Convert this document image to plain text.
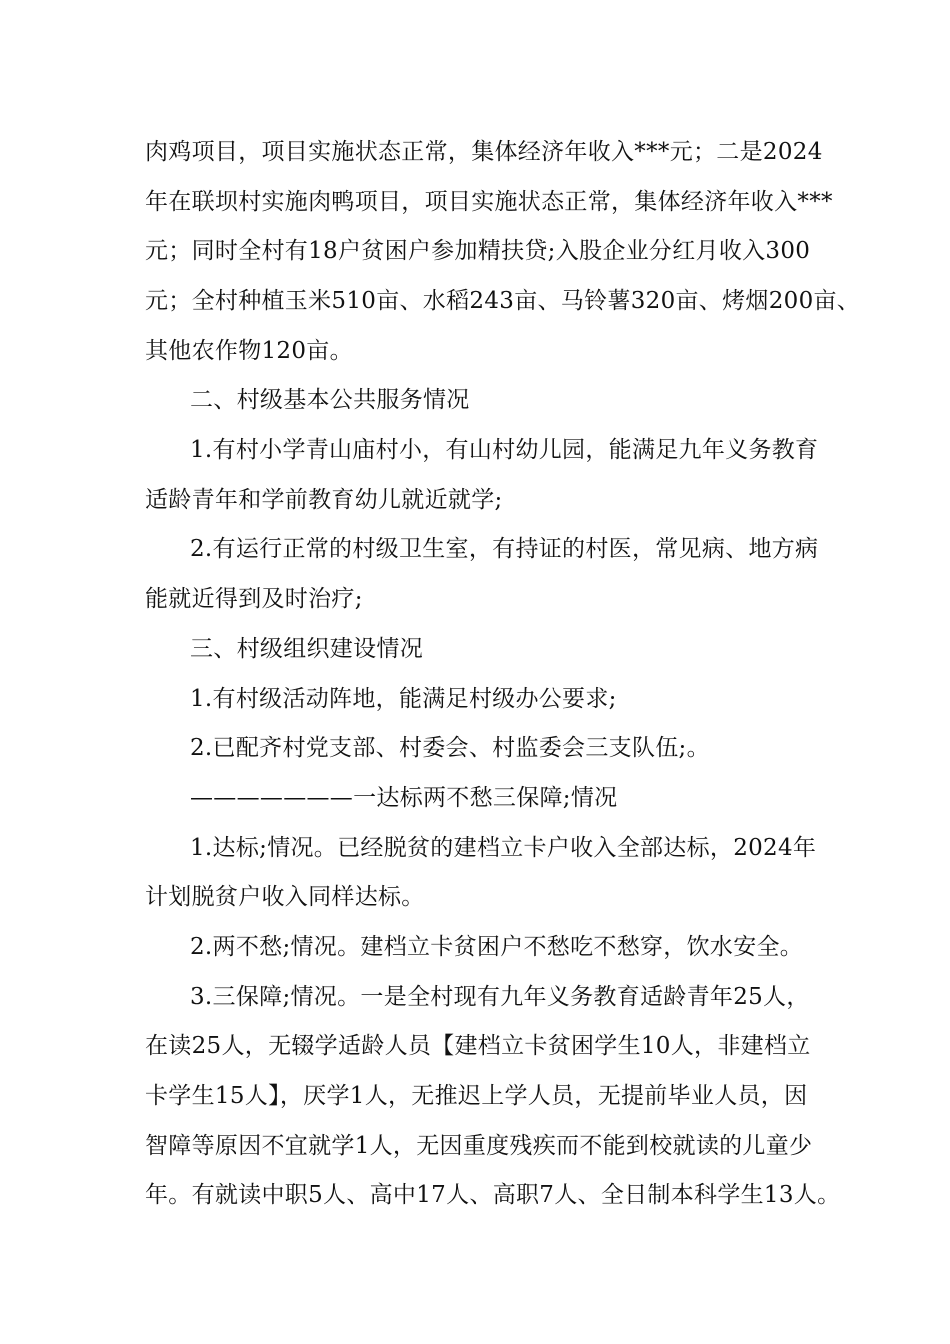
肉鸡项目，项目实施状态正常，集体经济年收入***元；二是2024
年在联坝村实施肉鸭项目，项目实施状态正常，集体经济年收入***
元；同时全村有18户贫困户参加精扶贷;入股企业分红月收入300
元；全村种植玉米510亩、水稻243亩、马铃薯320亩、烤烟200亩、
其他农作物120亩。
二、村级基本公共服务情况
1.有村小学青山庙村小，有山村幼儿园，能满足九年义务教育
适龄青年和学前教育幼儿就近就学;
2.有运行正常的村级卫生室，有持证的村医，常见病、地方病
能就近得到及时治疗;
三、村级组织建设情况
1.有村级活动阵地，能满足村级办公要求;
2.已配齐村党支部、村委会、村监委会三支队伍;。
———————一达标两不愁三保障;情况
1.达标;情况。已经脱贫的建档立卡户收入全部达标，2024年
计划脱贫户收入同样达标。
2.两不愁;情况。建档立卡贫困户不愁吃不愁穿，饮水安全。
3.三保障;情况。一是全村现有九年义务教育适龄青年25人，
在读25人，无辍学适龄人员【建档立卡贫困学生10人，非建档立
卡学生15人】，厌学1人，无推迟上学人员，无提前毕业人员，因
智障等原因不宜就学1人，无因重度残疾而不能到校就读的儿童少
年。有就读中职5人、高中17人、高职7人、全日制本科学生13人。
